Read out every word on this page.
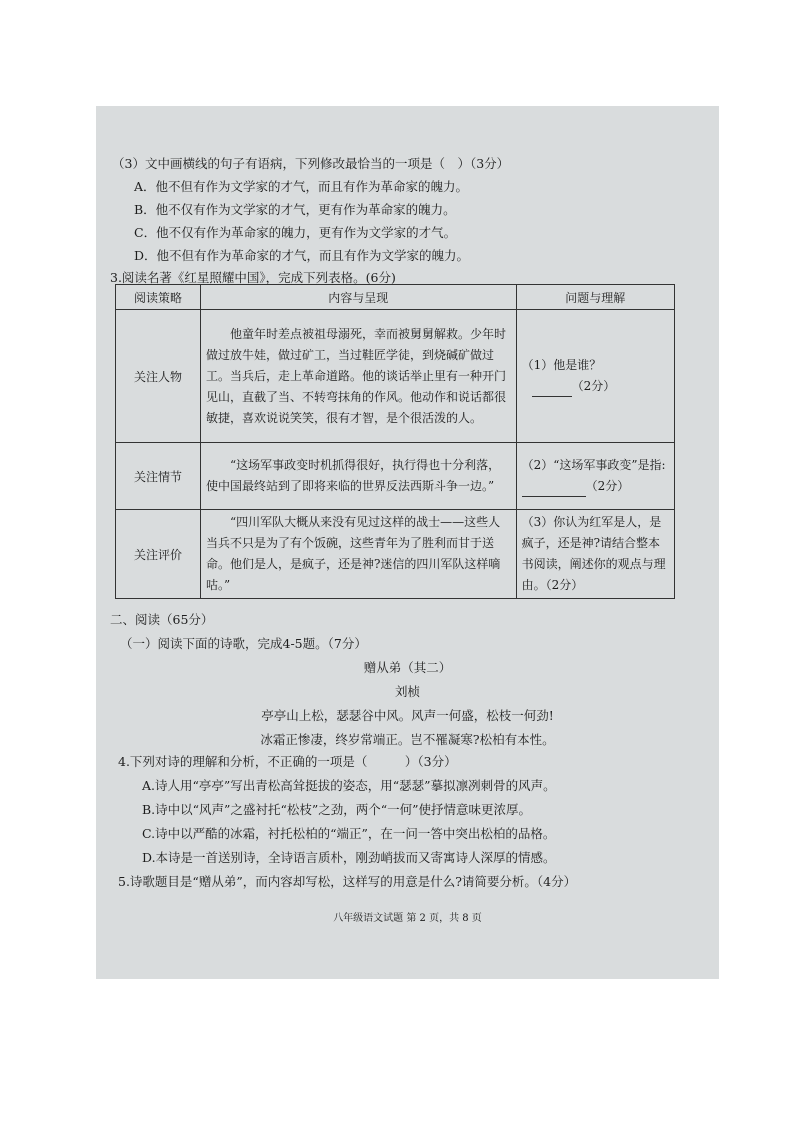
（3）文中画横线的句子有语病，下列修改最恰当的一项是（　）（3分）
A．他不但有作为文学家的才气，而且有作为革命家的魄力。
B．他不仅有作为文学家的才气，更有作为革命家的魄力。
C．他不仅有作为革命家的魄力，更有作为文学家的才气。
D．他不但有作为革命家的才气，而且有作为文学家的魄力。
3.阅读名著《红星照耀中国》，完成下列表格。(6分)
阅读策略	内容与呈现	问题与理解
关注人物	他童年时差点被祖母溺死，幸而被舅舅解救。少年时做过放牛娃，做过矿工，当过鞋匠学徒，到烧碱矿做过工。当兵后，走上革命道路。他的谈话举止里有一种开门见山，直截了当、不转弯抹角的作风。他动作和说话都很敏捷，喜欢说说笑笑，很有才智，是个很活泼的人。	（1）他是谁？
（2分）

关注情节	“这场军事政变时机抓得很好，执行得也十分利落，使中国最终站到了即将来临的世界反法西斯斗争一边。”	（2）“这场军事政变”是指:（2分）
关注评价	“四川军队大概从来没有见过这样的战士——这些人当兵不只是为了有个饭碗，这些青年为了胜利而甘于送命。他们是人，是疯子，还是神?迷信的四川军队这样嘀咕。”	（3）你认为红军是人，是疯子，还是神?请结合整本书阅读，阐述你的观点与理由。（2分）
二、阅读（65分）
（一）阅读下面的诗歌，完成4-5题。（7分）
赠从弟（其二）
刘桢
亭亭山上松，瑟瑟谷中风。风声一何盛，松枝一何劲!
冰霜正惨凄，终岁常端正。岂不罹凝寒?松柏有本性。
4.下列对诗的理解和分析，不正确的一项是（　　　）（3分）
A.诗人用“亭亭”写出青松高耸挺拔的姿态，用“瑟瑟”摹拟凛冽刺骨的风声。
B.诗中以“风声”之盛衬托“松枝”之劲，两个“一何”使抒情意味更浓厚。
C.诗中以严酷的冰霜，衬托松柏的“端正”，在一问一答中突出松柏的品格。
D.本诗是一首送别诗，全诗语言质朴，刚劲峭拔而又寄寓诗人深厚的情感。
5.诗歌题目是“赠从弟”，而内容却写松，这样写的用意是什么?请简要分析。（4分）
八年级语文试题 第 2 页，共 8 页
